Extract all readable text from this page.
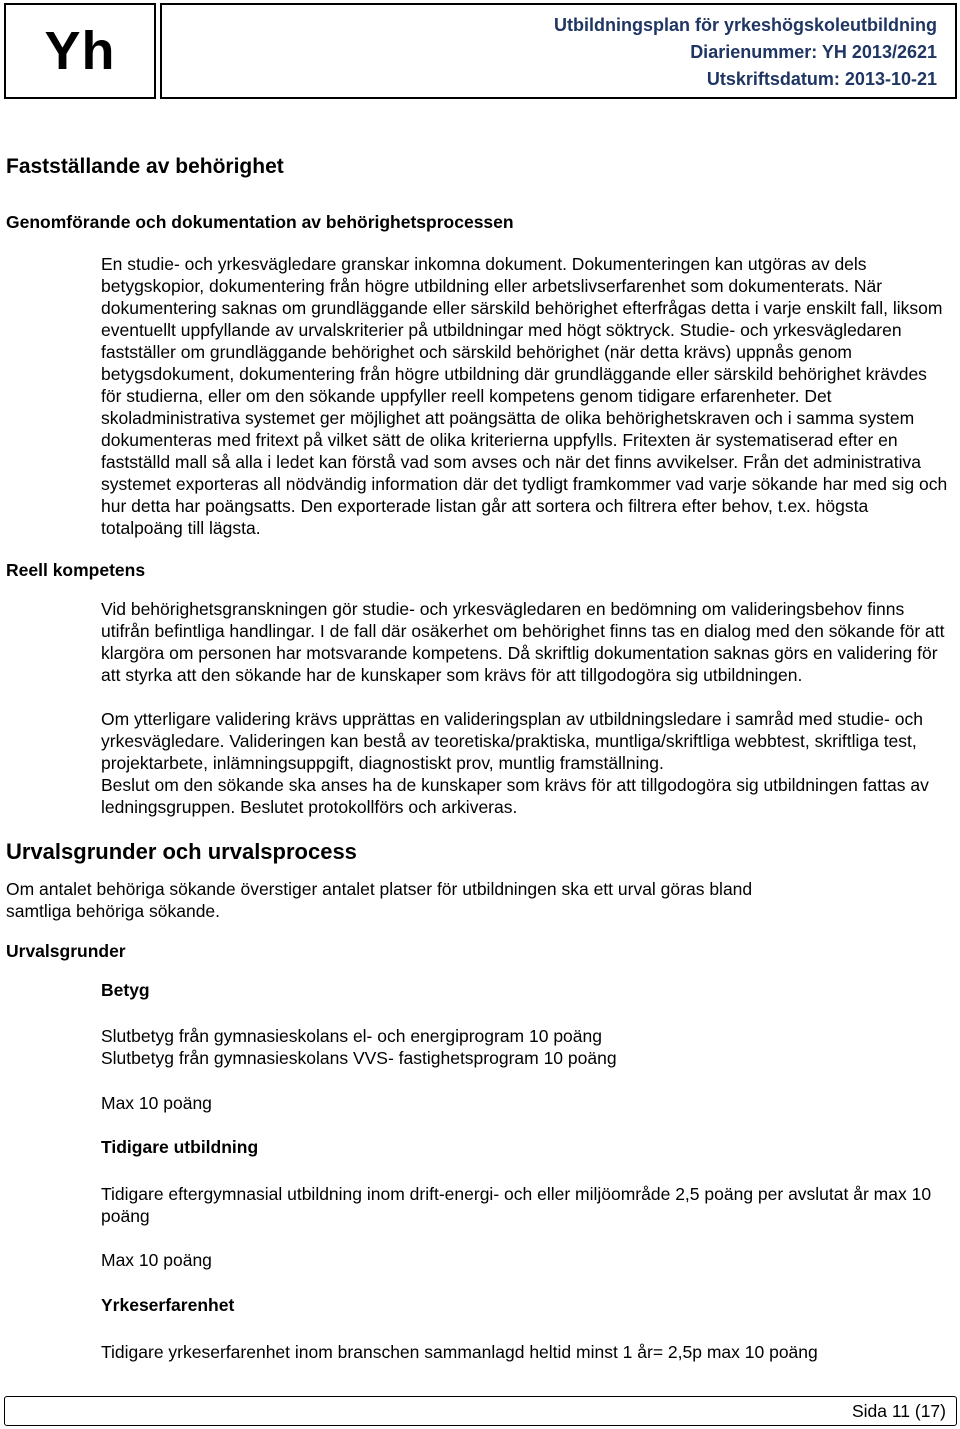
Yh	Utbildningsplan för yrkeshögskoleutbildning
Diarienummer: YH 2013/2621
Utskriftsdatum: 2013-10-21
Fastställande av behörighet
Genomförande och dokumentation av behörighetsprocessen
En studie- och yrkesvägledare granskar inkomna dokument. Dokumenteringen kan utgöras av dels betygskopior, dokumentering från högre utbildning eller arbetslivserfarenhet som dokumenterats. När dokumentering saknas om grundläggande eller särskild behörighet efterfrågas detta i varje enskilt fall, liksom eventuellt uppfyllande av urvalskriterier på utbildningar med högt söktryck. Studie- och yrkesvägledaren fastställer om grundläggande behörighet och särskild behörighet (när detta krävs) uppnås genom betygsdokument, dokumentering från högre utbildning där grundläggande eller särskild behörighet krävdes för studierna, eller om den sökande uppfyller reell kompetens genom tidigare erfarenheter. Det skoladministrativa systemet ger möjlighet att poängsätta de olika behörighetskraven och i samma system dokumenteras med fritext på vilket sätt de olika kriterierna uppfylls. Fritexten är systematiserad efter en fastställd mall så alla i ledet kan förstå vad som avses och när det finns avvikelser. Från det administrativa systemet exporteras all nödvändig information där det tydligt framkommer vad varje sökande har med sig och hur detta har poängsatts. Den exporterade listan går att sortera och filtrera efter behov, t.ex. högsta totalpoäng till lägsta.
Reell kompetens
Vid behörighetsgranskningen gör studie- och yrkesvägledaren en bedömning om valideringsbehov finns utifrån befintliga handlingar. I de fall där osäkerhet om behörighet finns tas en dialog med den sökande för att klargöra om personen har motsvarande kompetens. Då skriftlig dokumentation saknas görs en validering för att styrka att den sökande har de kunskaper som krävs för att tillgodogöra sig utbildningen.
Om ytterligare validering krävs upprättas en valideringsplan av utbildningsledare i samråd med studie- och yrkesvägledare. Valideringen kan bestå av teoretiska/praktiska, muntliga/skriftliga webbtest, skriftliga test, projektarbete, inlämningsuppgift, diagnostiskt prov, muntlig framställning.
Beslut om den sökande ska anses ha de kunskaper som krävs för att tillgodogöra sig utbildningen fattas av ledningsgruppen. Beslutet protokollförs och arkiveras.
Urvalsgrunder och urvalsprocess
Om antalet behöriga sökande överstiger antalet platser för utbildningen ska ett urval göras bland samtliga behöriga sökande.
Urvalsgrunder
Betyg
Slutbetyg från gymnasieskolans el- och energiprogram 10 poäng
Slutbetyg från gymnasieskolans VVS- fastighetsprogram 10 poäng
Max 10 poäng
Tidigare utbildning
Tidigare eftergymnasial utbildning inom drift-energi- och eller miljöområde 2,5 poäng per avslutat år max 10 poäng
Max 10 poäng
Yrkeserfarenhet
Tidigare yrkeserfarenhet inom branschen sammanlagd heltid minst 1 år= 2,5p max 10 poäng
Sida 11 (17)
